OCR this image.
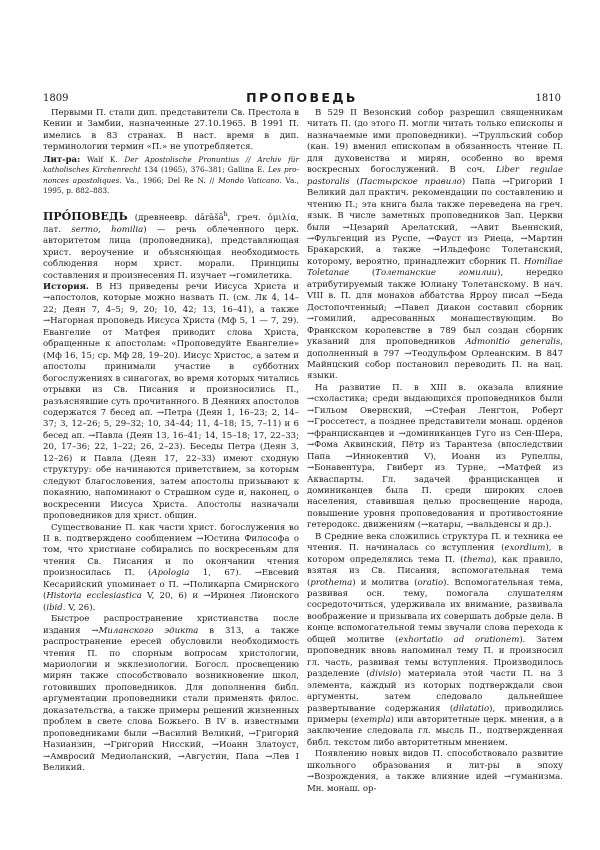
1809	ПРОПОВЕДЬ	1810

Первыми П. стали дип. представители Св. Престола в Кении и Замбии, назначенные 27.10.1965. В 1991 П. имелись в 83 странах. В наст. время в дип. терминологии термин «П.» не употребляется.

Лит-ра: Walf K. Der Apostolische Pronuntius // Archiv für katholisches Kirchenrecht 134 (1965), 376–381; Gallina E. Les pro-nonces apostoliques. Va., 1966; Del Re N. // Mondo Vaticano. Va., 1995, p. 882–883.

ПРО́ПОВЕДЬ (древнеевр. dārāšā$^h$, греч. ὁμιλία, лат. sermo, homilia) — речь облеченного церк. авторитетом лица (проповедника), представляющая христ. вероучение и объясняющая необходимость соблюдения норм христ. морали. Принципы составления и произнесения П. изучает →гомилетика.

История. В НЗ приведены речи Иисуса Христа и →апостолов, которые можно назвать П. (см. Лк 4, 14–22; Деян 7, 4–5; 9, 20; 10, 42; 13, 16–41), а также →Нагорная проповедь Иисуса Христа (Мф 5, 1 — 7, 29). Евангелие от Матфея приводит слова Христа, обращенные к апостолам: «Проповедуйте Евангелие» (Мф 16, 15; ср. Мф 28, 19–20). Иисус Христос, а затем и апостолы принимали участие в субботних богослужениях в синагогах, во время которых читались отрывки из Св. Писания и произносились П., разъяснявшие суть прочитанного. В Деяниях апостолов содержатся 7 бесед ап. →Петра (Деян 1, 16–23; 2, 14–37; 3, 12–26; 5, 29–32; 10, 34–44; 11, 4–18; 15, 7–11) и 6 бесед ап. →Павла (Деян 13, 16–41; 14, 15–18; 17, 22–33; 20, 17–36; 22, 1–22; 26, 2–23). Беседы Петра (Деян 3, 12–26) и Павла (Деян 17, 22–33) имеют сходную структуру: обе начинаются приветствием, за которым следуют благословения, затем апостолы призывают к покаянию, напоминают о Страшном суде и, наконец, о воскресении Иисуса Христа. Апостолы назначали проповедников для христ. общин.

Существование П. как части христ. богослужения во II в. подтверждено сообщением →Юстина Философа о том, что христиане собирались по воскресеньям для чтения Св. Писания и по окончании чтения произносилась П. (Apologia 1, 67). →Евсевий Кесарийский упоминает о П. →Поликарпа Смирнского (Historia ecclesiastica V, 20, 6) и →Иринея Лионского (ibid. V, 26).

Быстрое распространение христианства после издания →Миланского эдикта в 313, а также распространение ересей обусловили необходимость чтения П. по спорным вопросам христологии, мариологии и экклезиологии. Богосл. просвещению мирян также способствовало возникновение школ, готовивших проповедников. Для дополнения библ. аргументации проповедники стали применять филос. доказательства, а также примеры решений жизненных проблем в свете слова Божьего. В IV в. известными проповедниками были →Василий Великий, →Григорий Назианзин, →Григорий Нисский, →Иоанн Златоуст, →Амвросий Медиоланский, →Августин, Папа →Лев I Великий.

В 529 II Везонский собор разрешил священникам читать П. (до этого П. могли читать только епископы и назначаемые ими проповедники). →Трулльский собор (кан. 19) вменил епископам в обязанность чтение П. для духовенства и мирян, особенно во время воскресных богослужений. В соч. Liber regulae pastoralis (Пастырское правило) Папа →Григорий I Великий дал практич. рекомендации по составлению и чтению П.; эта книга была также переведена на греч. язык. В числе заметных проповедников Зап. Церкви были →Цезарий Арелатский, →Авит Вьеннский, →Фульгенций из Руспе, →Фауст из Риеца, →Мартин Бракарский, а также →Ильдефонс Толетанский, которому, вероятно, принадлежит сборник П. Homiliae Toletanae (Толетанские гомилии), нередко атрибутируемый также Юлиану Толетанскому. В нач. VIII в. П. для монахов аббатства Ярроу писал →Беда Достопочтенный; →Павел Диакон составил сборник →гомилий, адресованных монашествующим. Во Франкском королевстве в 789 был создан сборник указаний для проповедников Admonitio generalis, дополненный в 797 →Теодульфом Орлеанским. В 847 Майнцский собор постановил переводить П. на нац. языки.

На развитие П. в XIII в. оказала влияние →схоластика; среди выдающихся проповедников были →Гильом Овернский, →Стефан Ленгтон, Роберт →Гроссетест, а позднее представители монаш. орденов →францисканцев и →доминиканцев Гуго из Сен-Шера, →Фома Аквинский, Пётр из Тарантеза (впоследствии Папа →Иннокентий V), Иоанн из Рупеллы, →Бонавентура, Гвиберт из Турне, →Матфей из Акваспарты. Гл. задачей францисканцев и доминиканцев была П. среди широких слоев населения, ставившая целью просвещение народа, повышение уровня проповедования и противостояние гетеродокс. движениям (→катары, →вальденсы и др.).

В Средние века сложились структура П. и техника ее чтения. П. начиналась со вступления (exordium), в котором определялись тема П. (thema), как правило, взятая из Св. Писания, вспомогательная тема (prothema) и молитва (oratio). Вспомогательная тема, развивая осн. тему, помогала слушателям сосредоточиться, удерживала их внимание, развивала воображение и призывала их совершать добрые дела. В конце вспомогательной темы звучали слова перехода к общей молитве (exhortatio ad orationem). Затем проповедник вновь напоминал тему П. и произносил гл. часть, развивая темы вступления. Производилось разделение (divisio) материала этой части П. на 3 элемента, каждый из которых подтверждали свои аргументы, затем следовало дальнейшее развертывание содержания (dilatatio), приводились примеры (exempla) или авторитетные церк. мнения, а в заключение следовала гл. мысль П., подтвержденная библ. текстом либо авторитетным мнением.

Появлению новых видов П. способствовало развитие школьного образования и лит-ры в эпоху →Возрождения, а также влияние идей →гуманизма. Мн. монаш. ор-
